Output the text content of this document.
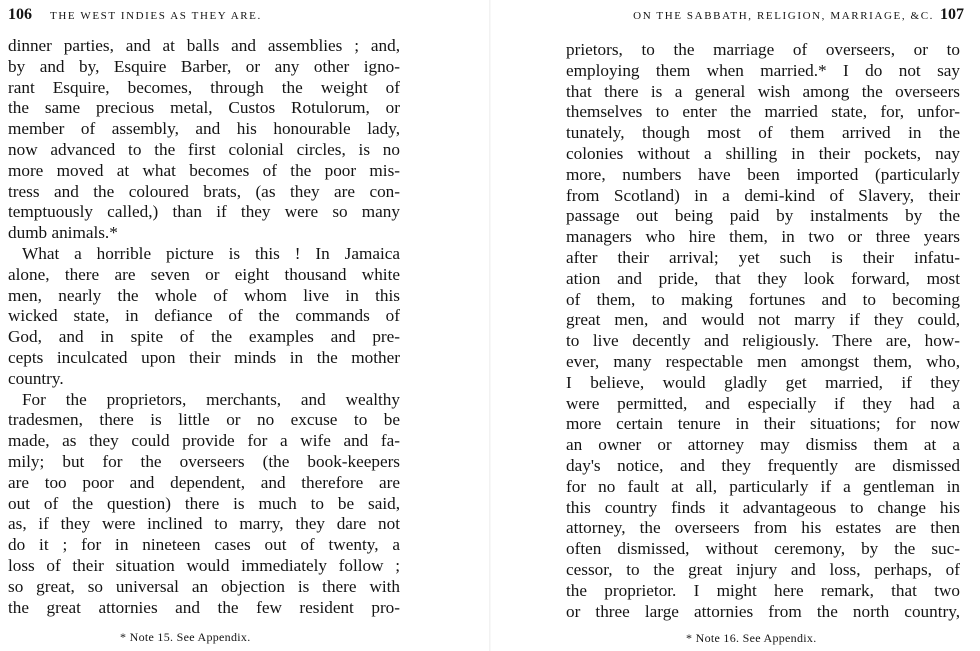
106 THE WEST INDIES AS THEY ARE.
dinner parties, and at balls and assemblies ; and,
by and by, Esquire Barber, or any other igno-
rant Esquire, becomes, through the weight of
the same precious metal, Custos Rotulorum, or
member of assembly, and his honourable lady,
now advanced to the first colonial circles, is no
more moved at what becomes of the poor mis-
tress and the coloured brats, (as they are con-
temptuously called,) than if they were so many
dumb animals.*
What a horrible picture is this ! In Jamaica
alone, there are seven or eight thousand white
men, nearly the whole of whom live in this
wicked state, in defiance of the commands of
God, and in spite of the examples and pre-
cepts inculcated upon their minds in the mother
country.
For the proprietors, merchants, and wealthy
tradesmen, there is little or no excuse to be
made, as they could provide for a wife and fa-
mily; but for the overseers (the book-keepers
are too poor and dependent, and therefore are
out of the question) there is much to be said,
as, if they were inclined to marry, they dare not
do it ; for in nineteen cases out of twenty, a
loss of their situation would immediately follow ;
so great, so universal an objection is there with
the great attornies and the few resident pro-
* Note 15. See Appendix.
ON THE SABBATH, RELIGION, MARRIAGE, &C. 107
prietors, to the marriage of overseers, or to
employing them when married.* I do not say
that there is a general wish among the overseers
themselves to enter the married state, for, unfor-
tunately, though most of them arrived in the
colonies without a shilling in their pockets, nay
more, numbers have been imported (particularly
from Scotland) in a demi-kind of Slavery, their
passage out being paid by instalments by the
managers who hire them, in two or three years
after their arrival; yet such is their infatu-
ation and pride, that they look forward, most
of them, to making fortunes and to becoming
great men, and would not marry if they could,
to live decently and religiously. There are, how-
ever, many respectable men amongst them, who,
I believe, would gladly get married, if they
were permitted, and especially if they had a
more certain tenure in their situations; for now
an owner or attorney may dismiss them at a
day's notice, and they frequently are dismissed
for no fault at all, particularly if a gentleman in
this country finds it advantageous to change his
attorney, the overseers from his estates are then
often dismissed, without ceremony, by the suc-
cessor, to the great injury and loss, perhaps, of
the proprietor. I might here remark, that two
or three large attornies from the north country,
* Note 16. See Appendix.
